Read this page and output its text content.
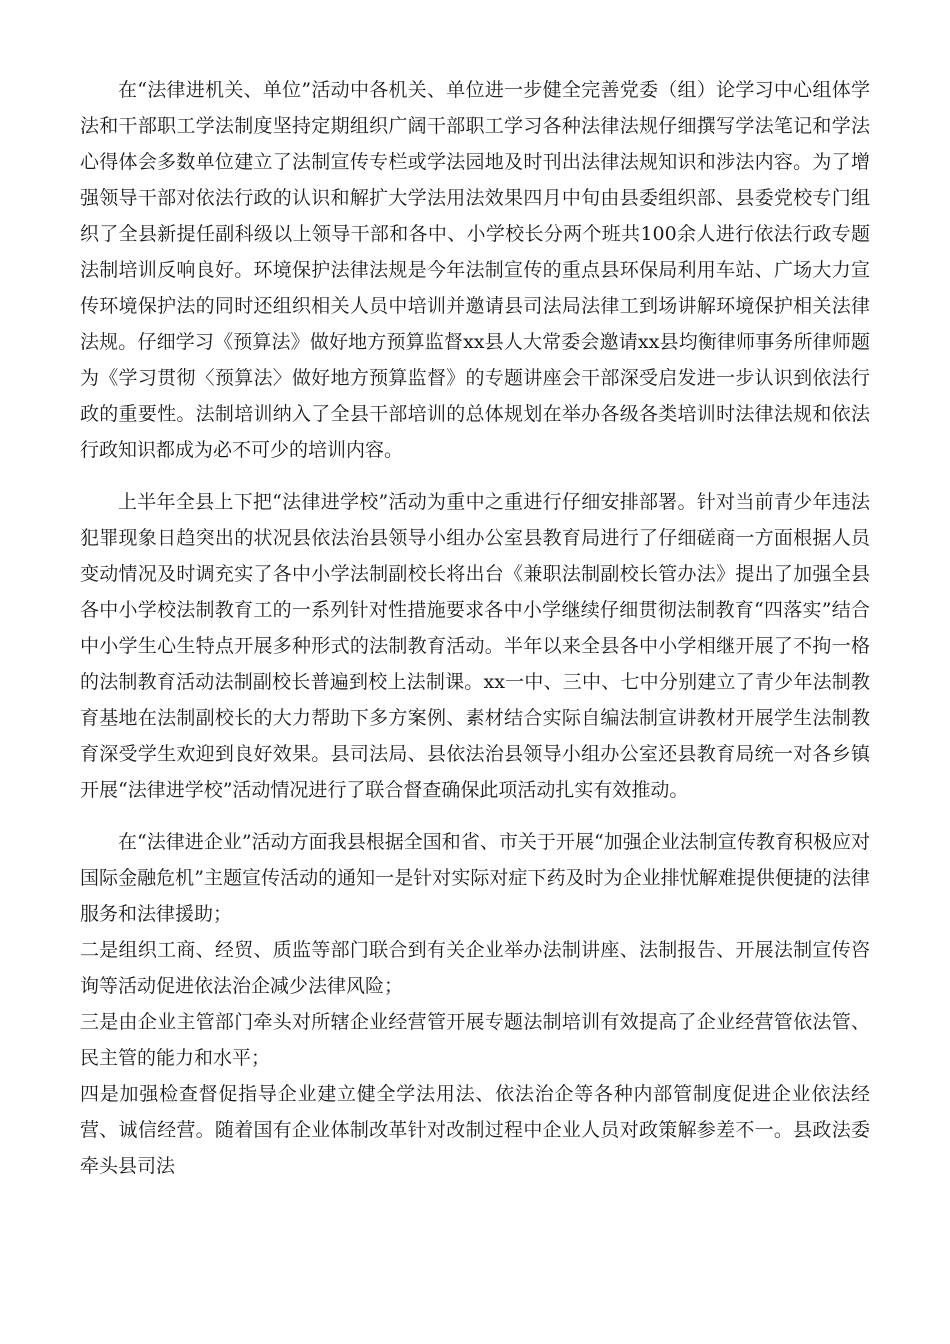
在“法律进机关、单位”活动中各机关、单位进一步健全完善党委（组）论学习中心组体学法和干部职工学法制度坚持定期组织广阔干部职工学习各种法律法规仔细撰写学法笔记和学法心得体会多数单位建立了法制宣传专栏或学法园地及时刊出法律法规知识和涉法内容。为了增强领导干部对依法行政的认识和解扩大学法用法效果四月中旬由县委组织部、县委党校专门组织了全县新提任副科级以上领导干部和各中、小学校长分两个班共100余人进行依法行政专题法制培训反响良好。环境保护法律法规是今年法制宣传的重点县环保局利用车站、广场大力宣传环境保护法的同时还组织相关人员中培训并邀请县司法局法律工到场讲解环境保护相关法律法规。仔细学习《预算法》做好地方预算监督xx县人大常委会邀请xx县均衡律师事务所律师题为《学习贯彻〈预算法〉做好地方预算监督》的专题讲座会干部深受启发进一步认识到依法行政的重要性。法制培训纳入了全县干部培训的总体规划在举办各级各类培训时法律法规和依法行政知识都成为必不可少的培训内容。

上半年全县上下把“法律进学校”活动为重中之重进行仔细安排部署。针对当前青少年违法犯罪现象日趋突出的状况县依法治县领导小组办公室县教育局进行了仔细磋商一方面根据人员变动情况及时调充实了各中小学法制副校长将出台《兼职法制副校长管办法》提出了加强全县各中小学校法制教育工的一系列针对性措施要求各中小学继续仔细贯彻法制教育“四落实”结合中小学生心生特点开展多种形式的法制教育活动。半年以来全县各中小学相继开展了不拘一格的法制教育活动法制副校长普遍到校上法制课。xx一中、三中、七中分别建立了青少年法制教育基地在法制副校长的大力帮助下多方案例、素材结合实际自编法制宣讲教材开展学生法制教育深受学生欢迎到良好效果。县司法局、县依法治县领导小组办公室还县教育局统一对各乡镇开展“法律进学校”活动情况进行了联合督查确保此项活动扎实有效推动。

在“法律进企业”活动方面我县根据全国和省、市关于开展“加强企业法制宣传教育积极应对国际金融危机”主题宣传活动的通知一是针对实际对症下药及时为企业排忧解难提供便捷的法律服务和法律援助；

二是组织工商、经贸、质监等部门联合到有关企业举办法制讲座、法制报告、开展法制宣传咨询等活动促进依法治企减少法律风险；

三是由企业主管部门牵头对所辖企业经营管开展专题法制培训有效提高了企业经营管依法管、民主管的能力和水平；

四是加强检查督促指导企业建立健全学法用法、依法治企等各种内部管制度促进企业依法经营、诚信经营。随着国有企业体制改革针对改制过程中企业人员对政策解参差不一。县政法委牵头县司法
